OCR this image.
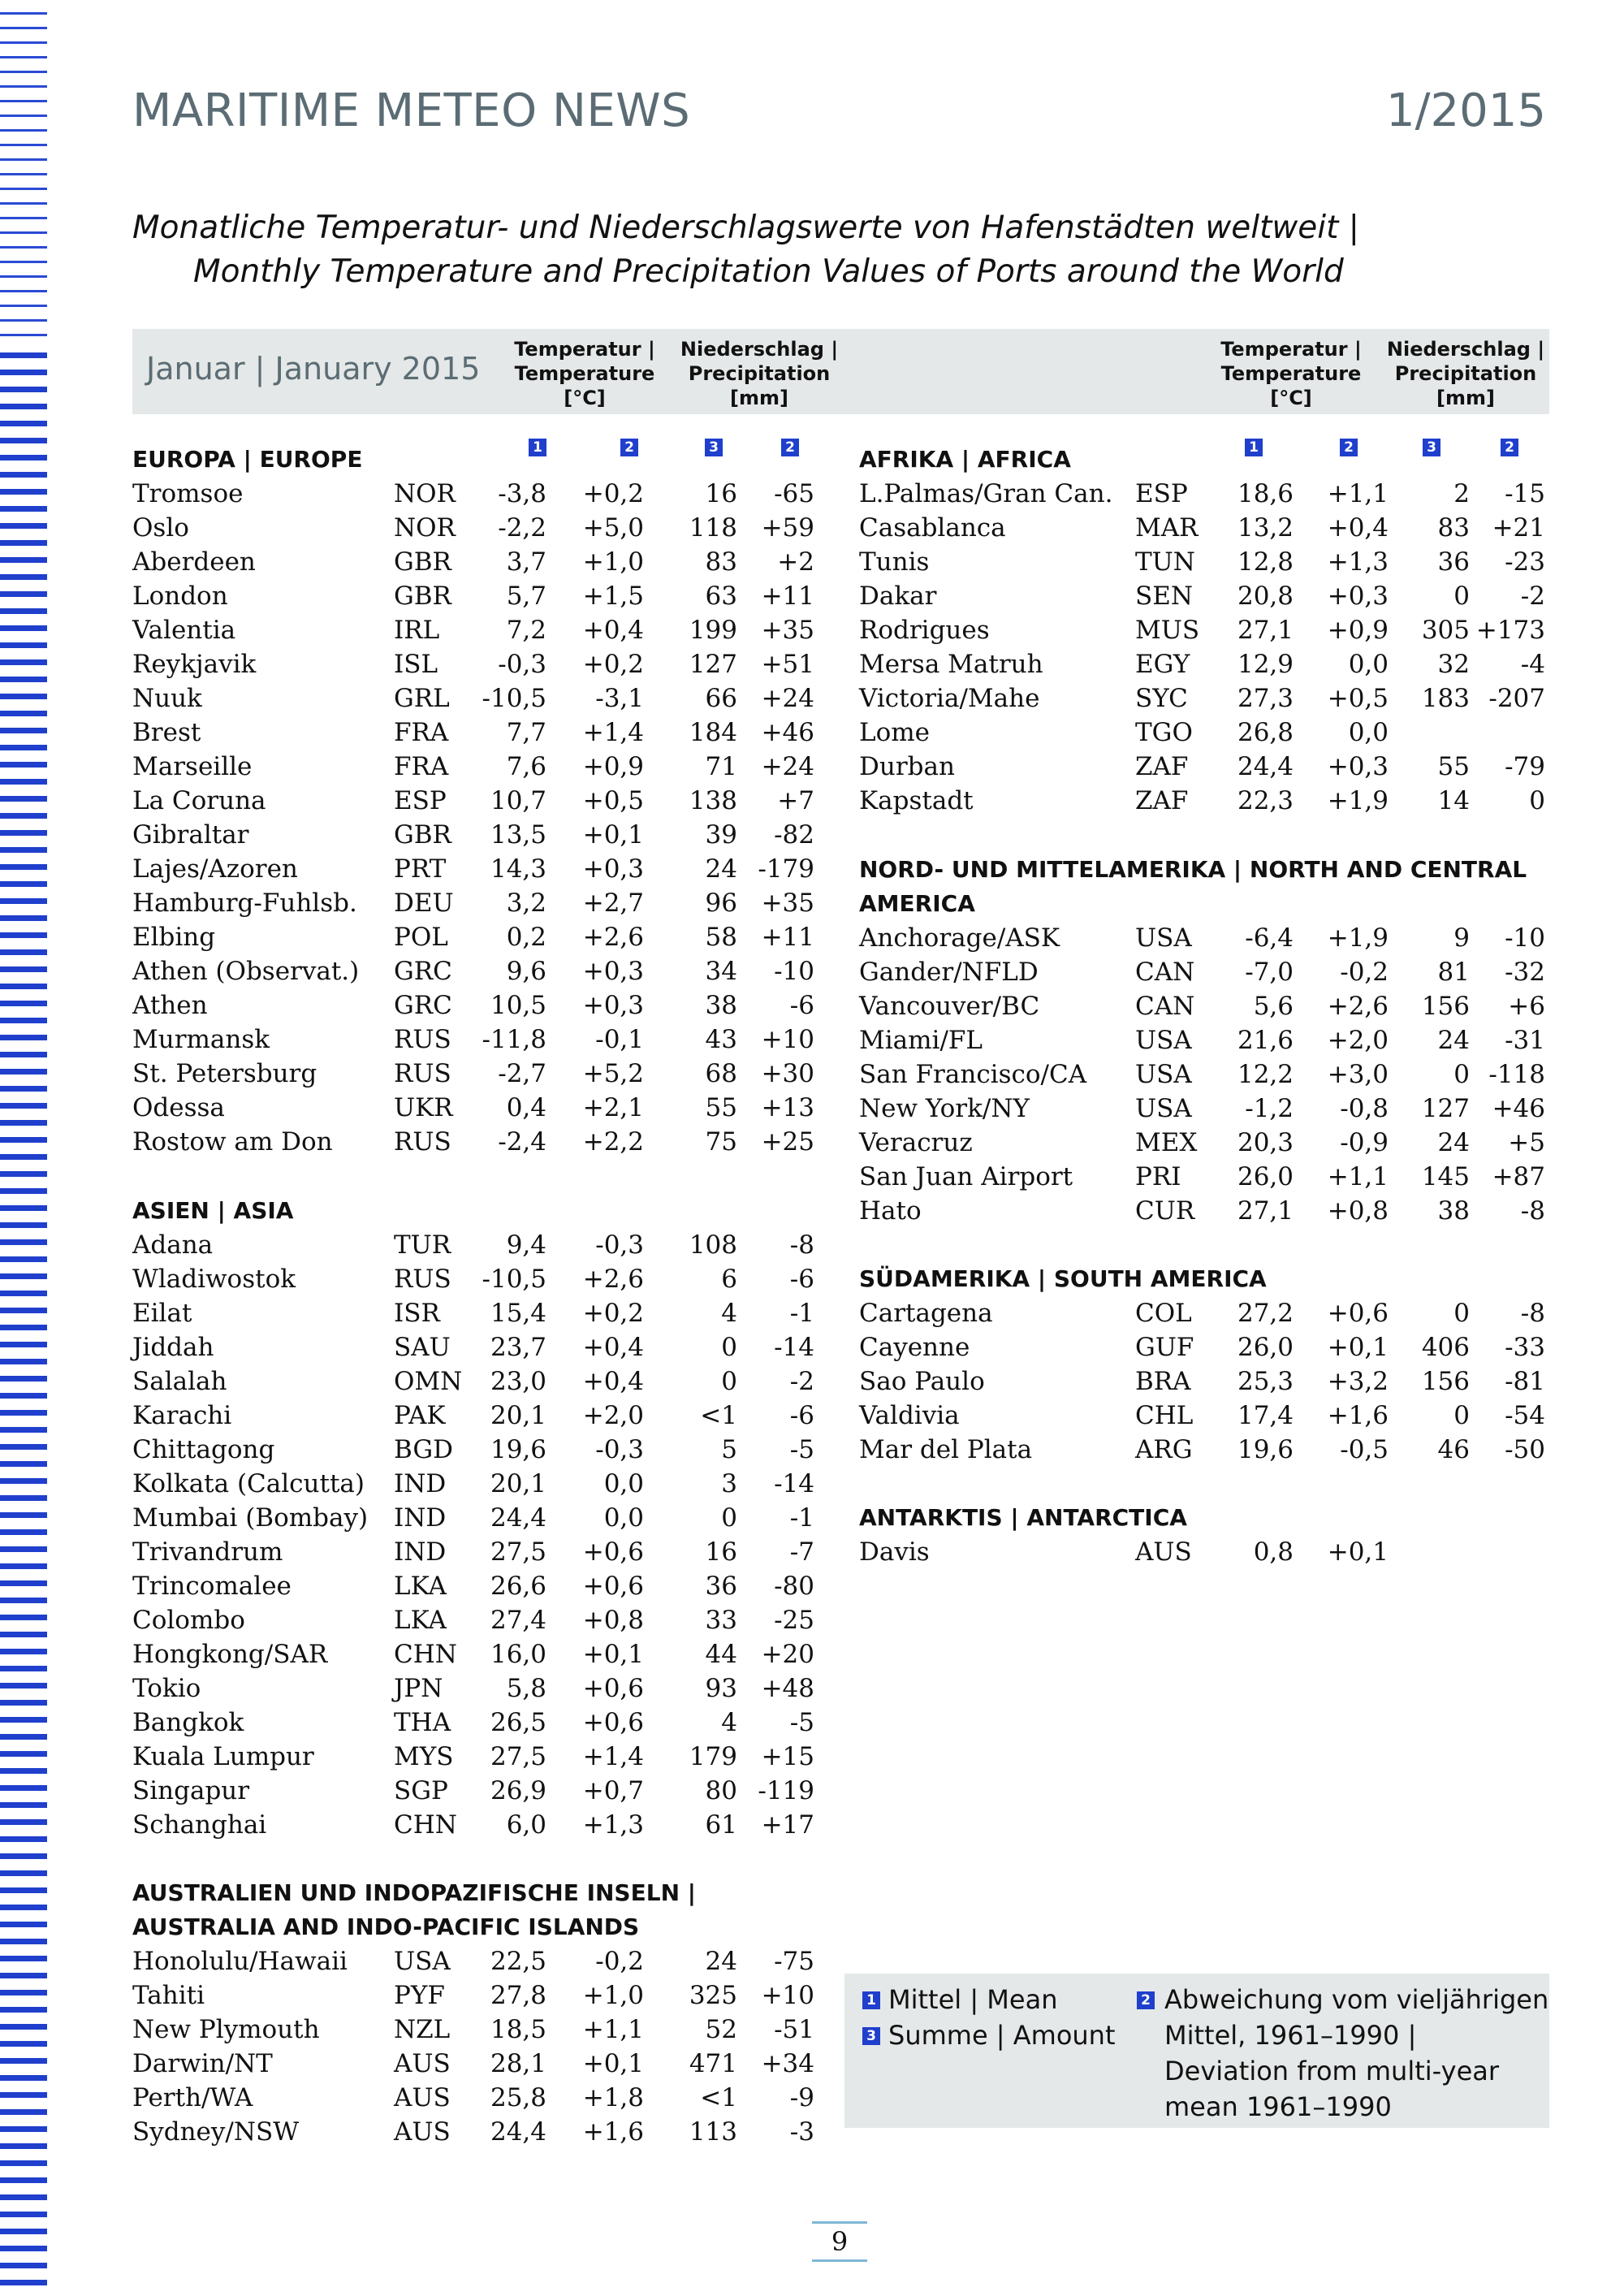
MARITIME METEO NEWS	1/2015
Monatliche Temperatur- und Niederschlagswerte von Hafenstädten weltweit |
Monthly Temperature and Precipitation Values of Ports around the World
Januar | January 2015
Temperatur |
Temperature
[°C]
Niederschlag |
Precipitation
[mm]
Temperatur |
Temperature
[°C]
Niederschlag |
Precipitation
[mm]
1	2	3	2	1	2	3	2
EUROPA | EUROPE
ASIEN | ASIA
AUSTRALIEN UND INDOPAZIFISCHE INSELN |
AUSTRALIA AND INDO-PACIFIC ISLANDS
AFRIKA | AFRICA
NORD- UND MITTELAMERIKA | NORTH AND CENTRAL
AMERICA
SÜDAMERIKA | SOUTH AMERICA
ANTARKTIS | ANTARCTICA
Tromsoe	NOR -3,8 +0,2 16 -65
Oslo	NOR -2,2 +5,0 118 +59
Aberdeen	GBR 3,7 +1,0 83 +2
London	GBR 5,7 +1,5 63 +11
Valentia	IRL	7,2 +0,4 199 +35
Reykjavik	ISL -0,3 +0,2 127 +51
Nuuk	GRL -10,5 -3,1 66 +24
Brest	FRA 7,7 +1,4 184 +46
Marseille	FRA 7,6 +0,9 71 +24
La Coruna	ESP 10,7 +0,5 138 +7
Gibraltar	GBR 13,5 +0,1 39 -82
Lajes/Azoren	PRT 14,3 +0,3 24 -179
Hamburg-Fuhlsb. DEU 3,2 +2,7 96 +35
Elbing	POL 0,2 +2,6 58 +11
Athen (Observat.) GRC 9,6 +0,3 34 -10
Athen	GRC 10,5 +0,3 38 -6
Murmansk	RUS -11,8 -0,1 43 +10
St. Petersburg	RUS -2,7 +5,2 68 +30
Odessa	UKR 0,4 +2,1 55 +13
Rostow am Don RUS -2,4 +2,2 75 +25
Adana	TUR 9,4 -0,3 108 -8
Wladiwostok	RUS -10,5 +2,6	6 -6
Eilat	ISR 15,4 +0,2	4 -1
Jiddah	SAU 23,7 +0,4	0 -14
Salalah	OMN 23,0 +0,4	0 -2
Karachi	PAK 20,1 +2,0 <1 -6
Chittagong	BGD 19,6 -0,3	5 -5
Kolkata (Calcutta) IND 20,1 0,0	3 -14
Mumbai (Bombay) IND 24,4 0,0	0 -1
Trivandrum	IND 27,5 +0,6 16 -7
Trincomalee	LKA 26,6 +0,6 36 -80
Colombo	LKA 27,4 +0,8 33 -25
Hongkong/SAR	CHN 16,0 +0,1 44 +20
Tokio	JPN	5,8 +0,6 93 +48
Bangkok	THA 26,5 +0,6	4 -5
Kuala Lumpur	MYS 27,5 +1,4 179 +15
Singapur	SGP 26,9 +0,7 80 -119
Schanghai	CHN 6,0 +1,3 61 +17
Honolulu/Hawaii USA 22,5 -0,2 24 -75
Tahiti	PYF 27,8 +1,0 325 +10
New Plymouth	NZL 18,5 +1,1 52 -51
Darwin/NT	AUS 28,1 +0,1 471 +34
Perth/WA	AUS 25,8 +1,8 <1 -9
Sydney/NSW	AUS 24,4 +1,6 113 -3
L.Palmas/Gran Can. ESP 18,6 +1,1	2 -15
Casablanca	MAR 13,2 +0,4 83 +21
Tunis	TUN 12,8 +1,3 36 -23
Dakar	SEN 20,8 +0,3	0 -2
Rodrigues	MUS 27,1 +0,9 305 +173
Mersa Matruh	EGY 12,9 0,0 32 -4
Victoria/Mahe	SYC 27,3 +0,5 183 -207
Lome	TGO 26,8 0,0
Durban	ZAF 24,4 +0,3 55 -79
Kapstadt	ZAF 22,3 +1,9 14 0
Anchorage/ASK	USA -6,4 +1,9	9 -10
Gander/NFLD	CAN -7,0 -0,2 81 -32
Vancouver/BC	CAN 5,6 +2,6 156 +6
Miami/FL	USA 21,6 +2,0 24 -31
San Francisco/CA USA 12,2 +3,0	0 -118
New York/NY	USA -1,2 -0,8 127 +46
Veracruz	MEX 20,3 -0,9 24 +5
San Juan Airport PRI 26,0 +1,1 145 +87
Hato	CUR 27,1 +0,8 38 -8
Cartagena	COL 27,2 +0,6	0 -8
Cayenne	GUF 26,0 +0,1 406 -33
Sao Paulo	BRA 25,3 +3,2 156 -81
Valdivia	CHL 17,4 +1,6	0 -54
Mar del Plata	ARG 19,6 -0,5 46 -50
Davis	AUS 0,8 +0,1
1 Mittel | Mean
3 Summe | Amount
2 Abweichung vom vieljährigen
Mittel, 1961–1990 |
Deviation from multi-year
mean 1961–1990
9
